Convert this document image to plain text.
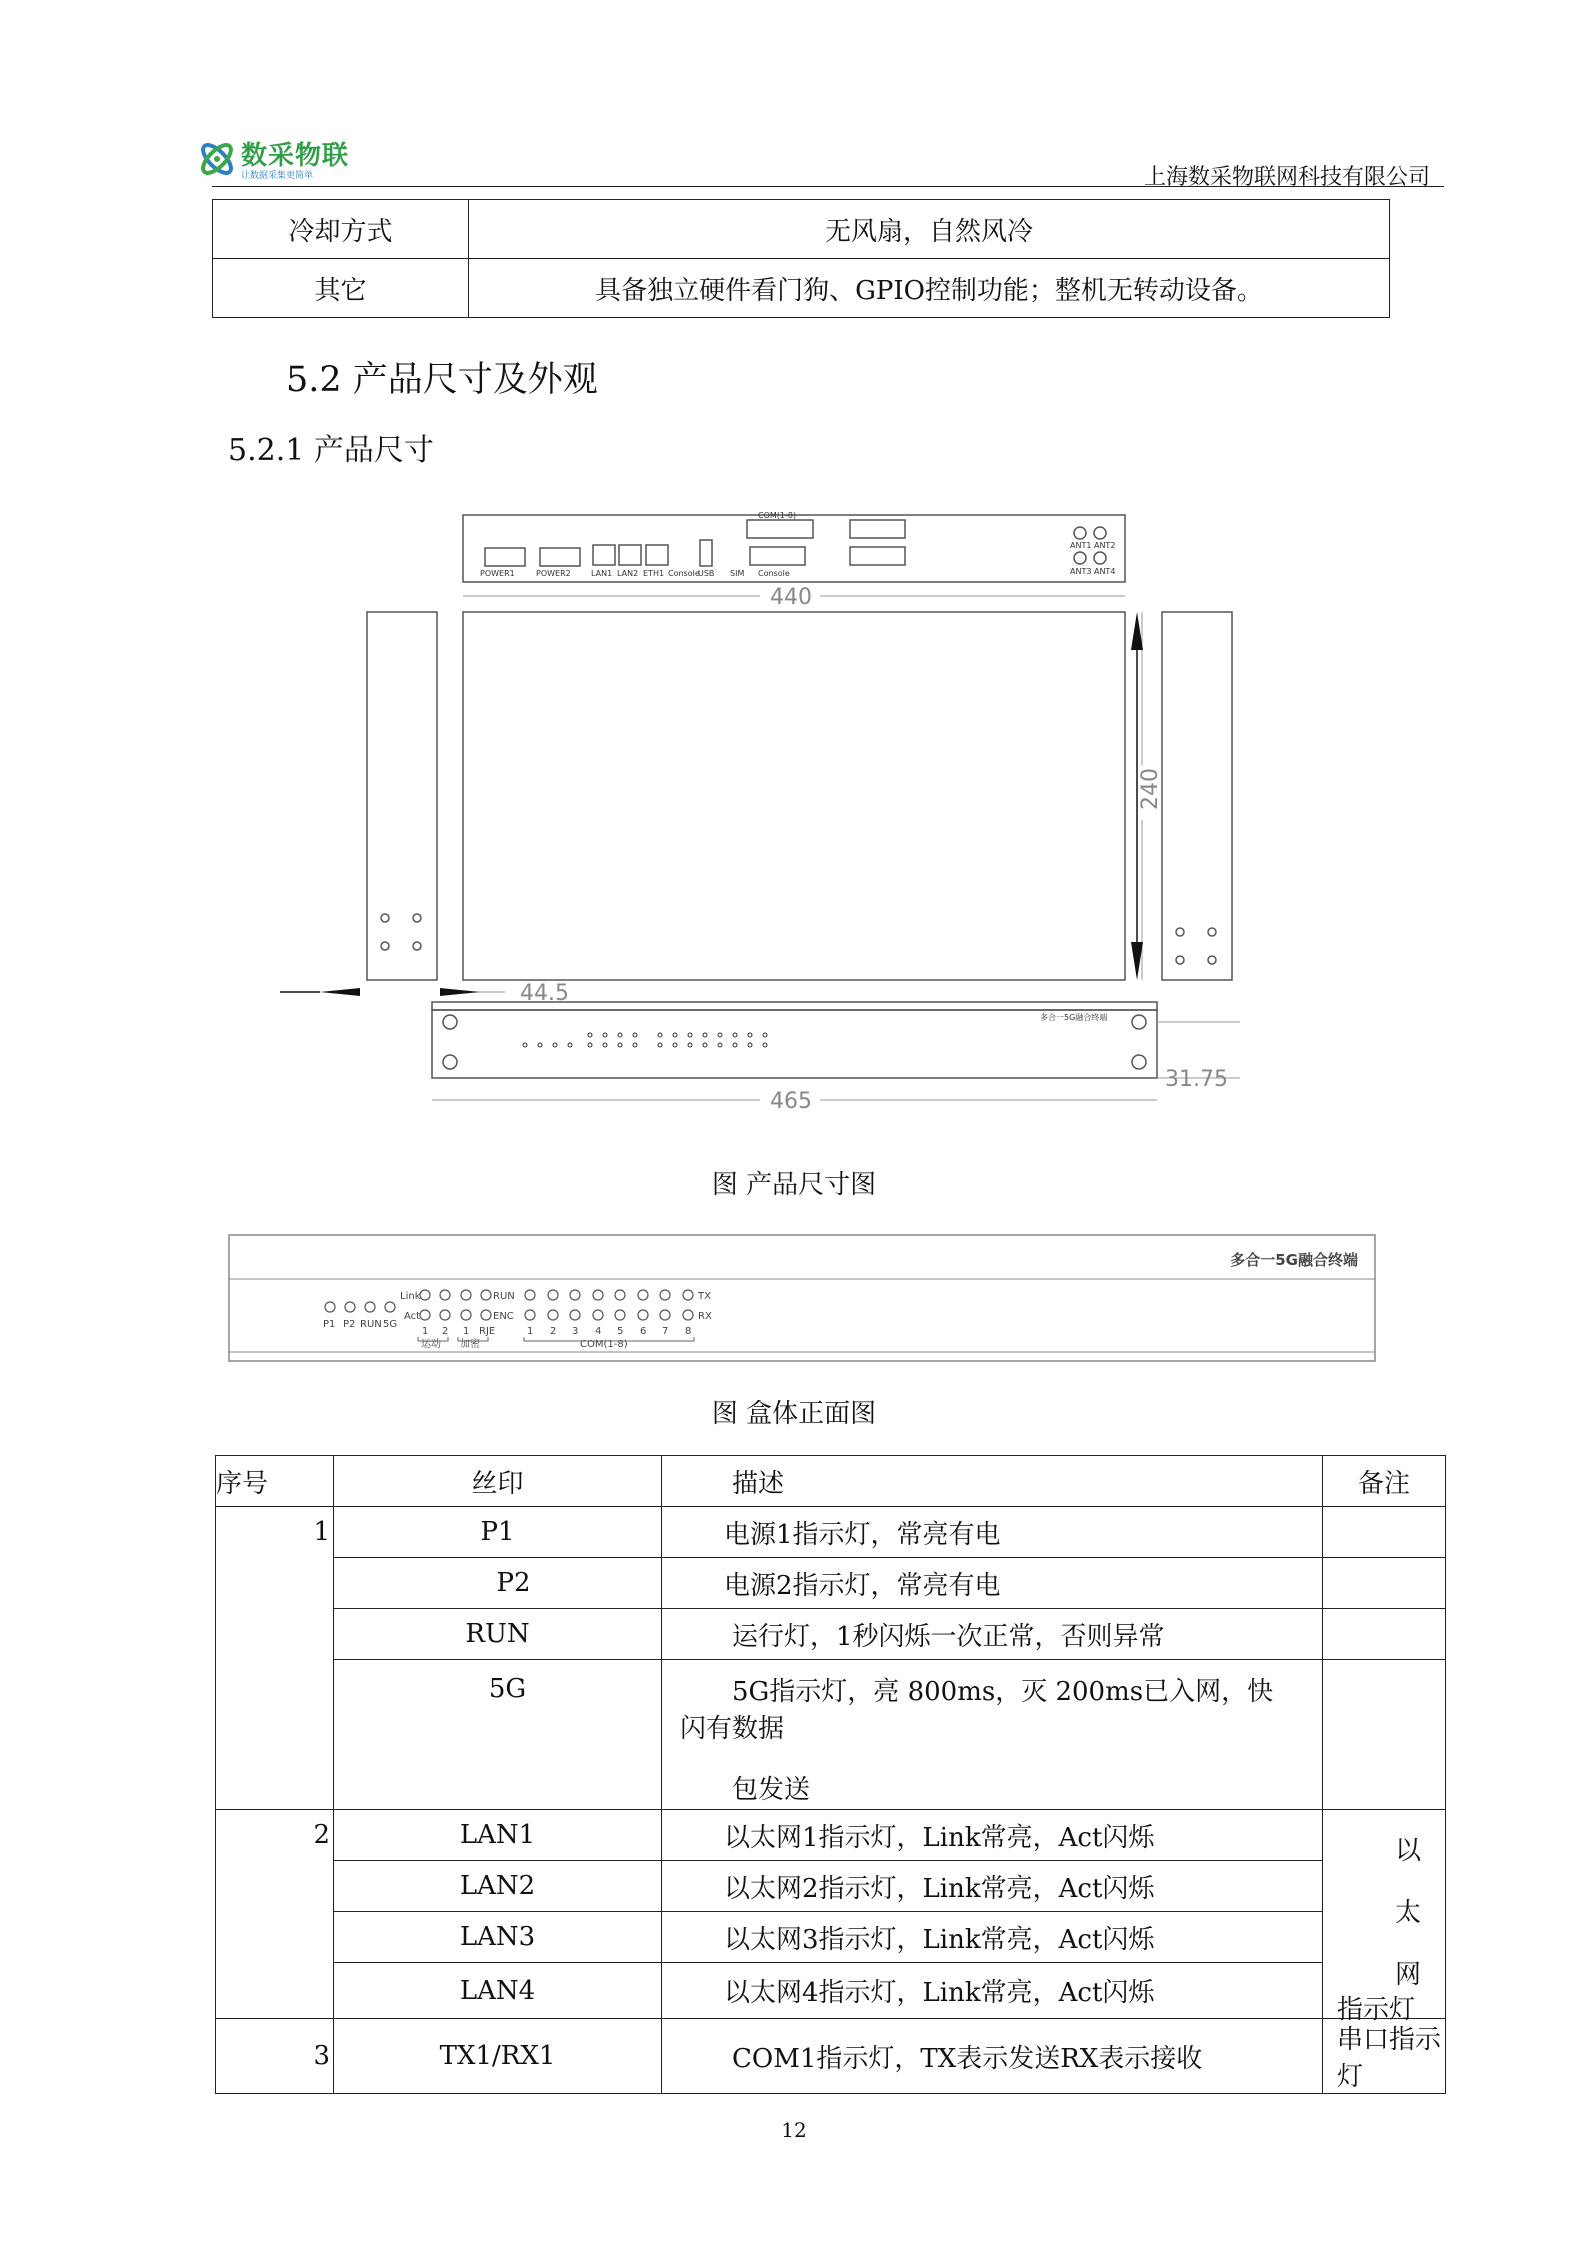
数采物联
让数据采集更简单	上海数采物联网科技有限公司
冷却方式	无风扇，自然风冷
其它	具备独立硬件看门狗、GPIO控制功能；整机无转动设备。
5.2 产品尺寸及外观
5.2.1 产品尺寸
POWER1	POWER2	LAN1 LAN2 ETH1 Console
USB SIM Console
COM(1-8)
ANT1 ANT2
ANT3 ANT4
440
240
44.5
465
31.75
多合一5G融合终端
图 产品尺寸图
多合一5G融合终端
P1 P2 RUN 5G
Link
Act
1 2 1
RUN
ENC
RJE	1 2 3 4 5 6 7 8
TX
RX
运动 加密	COM(1-8)
图 盒体正面图
序号	丝印	描述	备注
1	P1	电源1指示灯，常亮有电	
	P2	电源2指示灯，常亮有电	
	RUN	运行灯，1秒闪烁一次正常，否则异常	
	5G	5G指示灯，亮 800ms，灭 200ms已入网，快
闪有数据
包发送	

2	LAN1	以太网1指示灯，Link常亮，Act闪烁	以太网
指示灯

	LAN2	以太网2指示灯，Link常亮，Act闪烁	
	LAN3	以太网3指示灯，Link常亮，Act闪烁	
	LAN4	以太网4指示灯，Link常亮，Act闪烁	
3	TX1/RX1	COM1指示灯，TX表示发送RX表示接收	串口指示灯
12
